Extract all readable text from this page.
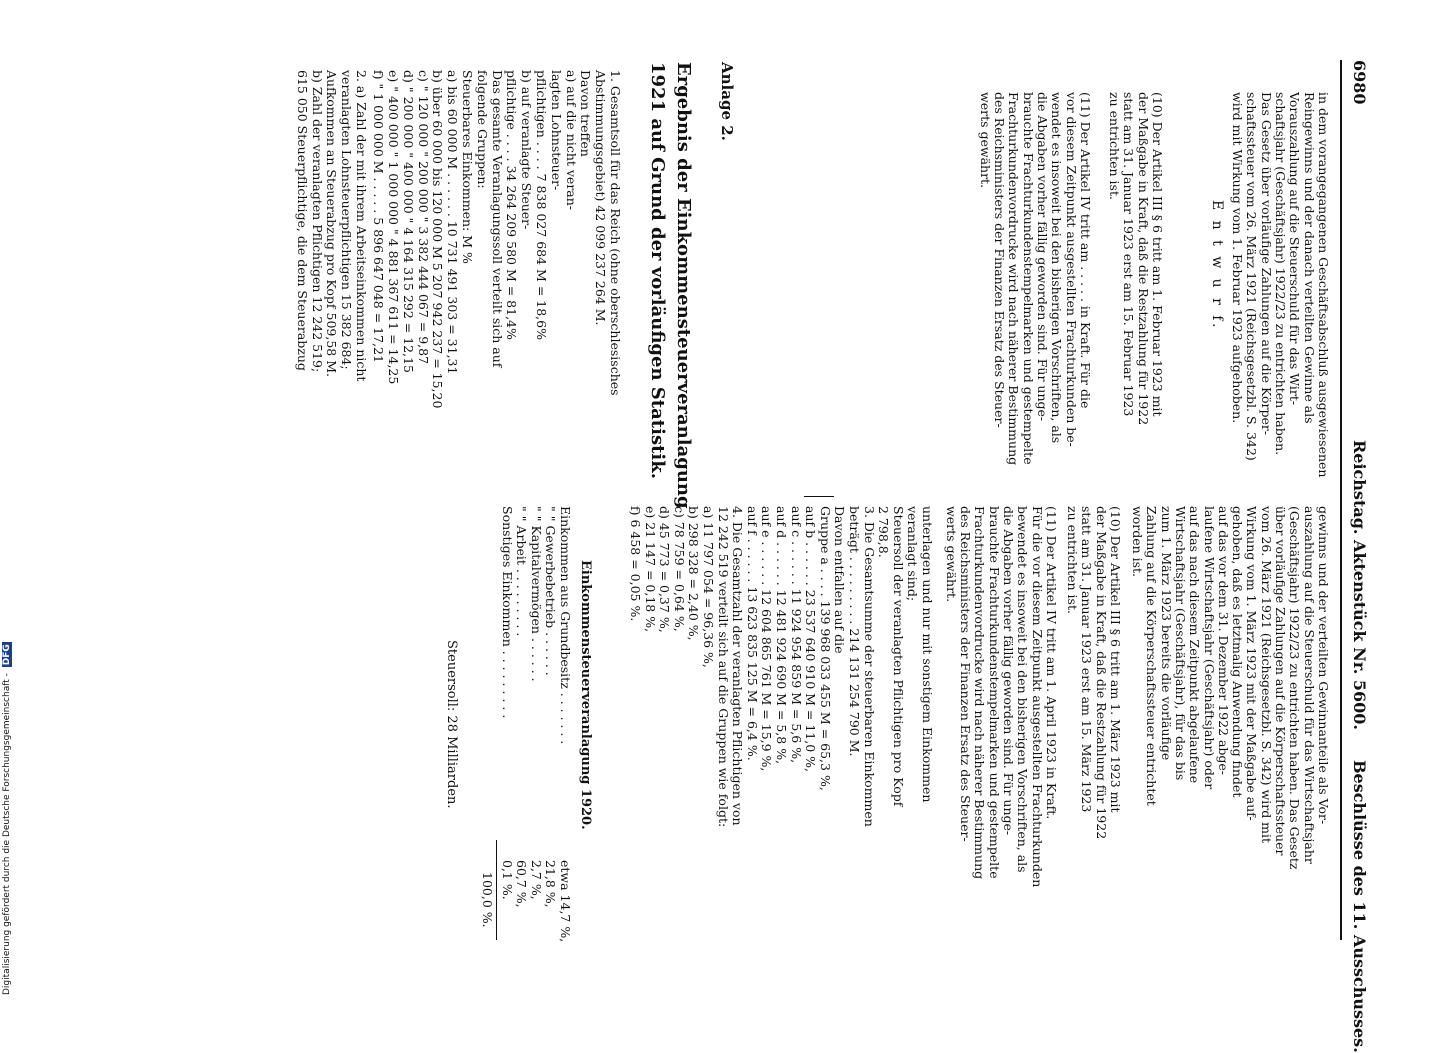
6980
Reichstag. Aktenstück Nr. 5600.
Beschlüsse des 11. Ausschusses.
in dem vorangegangenen Geschäftsabschluß ausgewiesenen
Reingewinns und der danach verteilten Gewinne als
Vorauszahlung auf die Steuerschuld für das Wirt-
schaftsjahr (Geschäftsjahr) 1922/23 zu entrichten haben.
Das Gesetz über vorläufige Zahlungen auf die Körper-
schaftssteuer vom 26. März 1921 (Reichsgesetzbl. S. 342)
wird mit Wirkung vom 1. Februar 1923 aufgehoben.
E n t w u r f.
(10) Der Artikel III § 6 tritt am 1. Februar 1923 mit
der Maßgabe in Kraft, daß die Restzahlung für 1922
statt am 31. Januar 1923 erst am 15. Februar 1923
zu entrichten ist.
(11) Der Artikel IV tritt am . . . . . in Kraft. Für die
vor diesem Zeitpunkt ausgestellten Frachturkunden be-
wendet es insoweit bei den bisherigen Vorschriften, als
die Abgaben vorher fällig geworden sind. Für unge-
brauchte Frachturkundenstempelmarken und gestempelte
Frachturkundenvordrucke wird nach näherer Bestimmung
des Reichsministers der Finanzen Ersatz des Steuer-
werts gewährt.
Anlage 2.
Ergebnis der Einkommensteuerveranlagung
1921 auf Grund der vorläufigen Statistik.
1. Gesamtsoll für das Reich (ohne oberschlesisches
Abstimmungsgebiet) 42 099 237 264 M.
Davon treffen
a) auf die nicht veran-
lagten Lohnsteuer-
pflichtigen . . . . 7 838 027 684 M = 18,6%
b) auf veranlagte Steuer-
pflichtige . . . . 34 264 209 580 M = 81,4%
Das gesamte Veranlagungssoll verteilt sich auf
folgende Gruppen:
Steuerbares Einkommen: M %
a) bis 60 000 M . . . . . . 10 731 491 303 = 31,31
b) über 60 000 bis 120 000 M 5 207 942 237 = 15,20
c) " 120 000 " 200 000 " 3 382 444 067 = 9,87
d) " 200 000 " 400 000 " 4 164 315 292 = 12,15
e) " 400 000 " 1 000 000 " 4 881 367 611 = 14,25
f) " 1 000 000 M . . . . . 5 896 647 048 = 17,21
2. a) Zahl der mit ihrem Arbeitseinkommen nicht
veranlagten Lohnsteuerpflichtigen 15 382 684;
Aufkommen an Steuerabzug pro Kopf 509,58 M.
b) Zahl der veranlagten Pflichtigen 12 242 519;
615 050 Steuerpflichtige, die dem Steuerabzug
gewinns und der verteilten Gewinnanteile als Vor-
auszahlung auf die Steuerschuld für das Wirtschaftsjahr
(Geschäftsjahr) 1922/23 zu entrichten haben. Das Gesetz
über vorläufige Zahlungen auf die Körperschaftssteuer
vom 26. März 1921 (Reichsgesetzbl. S. 342) wird mit
Wirkung vom 1. März 1923 mit der Maßgabe auf-
gehoben, daß es letztmalig Anwendung findet
auf das vor dem 31. Dezember 1922 abge-
laufene Wirtschaftsjahr (Geschäftsjahr) oder
auf das nach diesem Zeitpunkt abgelaufene
Wirtschaftsjahr (Geschäftsjahr), für das bis
zum 1. März 1923 bereits die vorläufige
Zahlung auf die Körperschaftssteuer entrichtet
worden ist.
(10) Der Artikel III § 6 tritt am 1. März 1923 mit
der Maßgabe in Kraft, daß die Restzahlung für 1922
statt am 31. Januar 1923 erst am 15. März 1923
zu entrichten ist.
(11) Der Artikel IV tritt am 1. April 1923 in Kraft.
Für die vor diesem Zeitpunkt ausgestellten Frachturkunden
bewendet es insoweit bei den bisherigen Vorschriften, als
die Abgaben vorher fällig geworden sind. Für unge-
brauchte Frachturkundenstempelmarken und gestempelte
Frachturkundenvordrucke wird nach näherer Bestimmung
des Reichsministers der Finanzen Ersatz des Steuer-
werts gewährt.
unterlagen und nur mit sonstigem Einkommen
veranlagt sind;
Steuersoll der veranlagten Pflichtigen pro Kopf
2 798,8.
3. Die Gesamtsumme der steuerbaren Einkommen
beträgt . . . . . . . . . 214 131 254 790 M.
Davon entfallen auf die
Gruppe a . . . . 139 968 033 455 M = 65,3 %,
auf b . . . . . . 23 537 640 910 M = 11,0 %,
auf c . . . . . . 11 924 954 859 M = 5,6 %,
auf d . . . . . . 12 481 924 690 M = 5,8 %,
auf e . . . . . . 12 604 865 761 M = 15,9 %,
auf f . . . . . . 13 623 835 125 M = 6,4 %.
4. Die Gesamtzahl der veranlagten Pflichtigen von
12 242 519 verteilt sich auf die Gruppen wie folgt:
a) 11 797 054 = 96,36 %,
b) 298 328 = 2,40 %,
c) 78 759 = 0,64 %,
d) 45 773 = 0,37 %,
e) 21 147 = 0,18 %,
f) 6 458 = 0,05 %.
Einkommensteuerveranlagung 1920.
Einkommen aus Grundbesitz . . . . . . .
etwa 14,7 %,
" " Gewerbebetrieb . . . . . .
21,8 %,
" " Kapitalvermögen . . . . . .
2,7 %,
" " Arbeit . . . . . . . . .
60,7 %,
Sonstiges Einkommen . . . . . . . . .
0,1 %.
100,0 %.
Steuersoll: 28 Milliarden.
Digitalisierung gefördert durch die Deutsche Forschungsgemeinschaft - DFG
